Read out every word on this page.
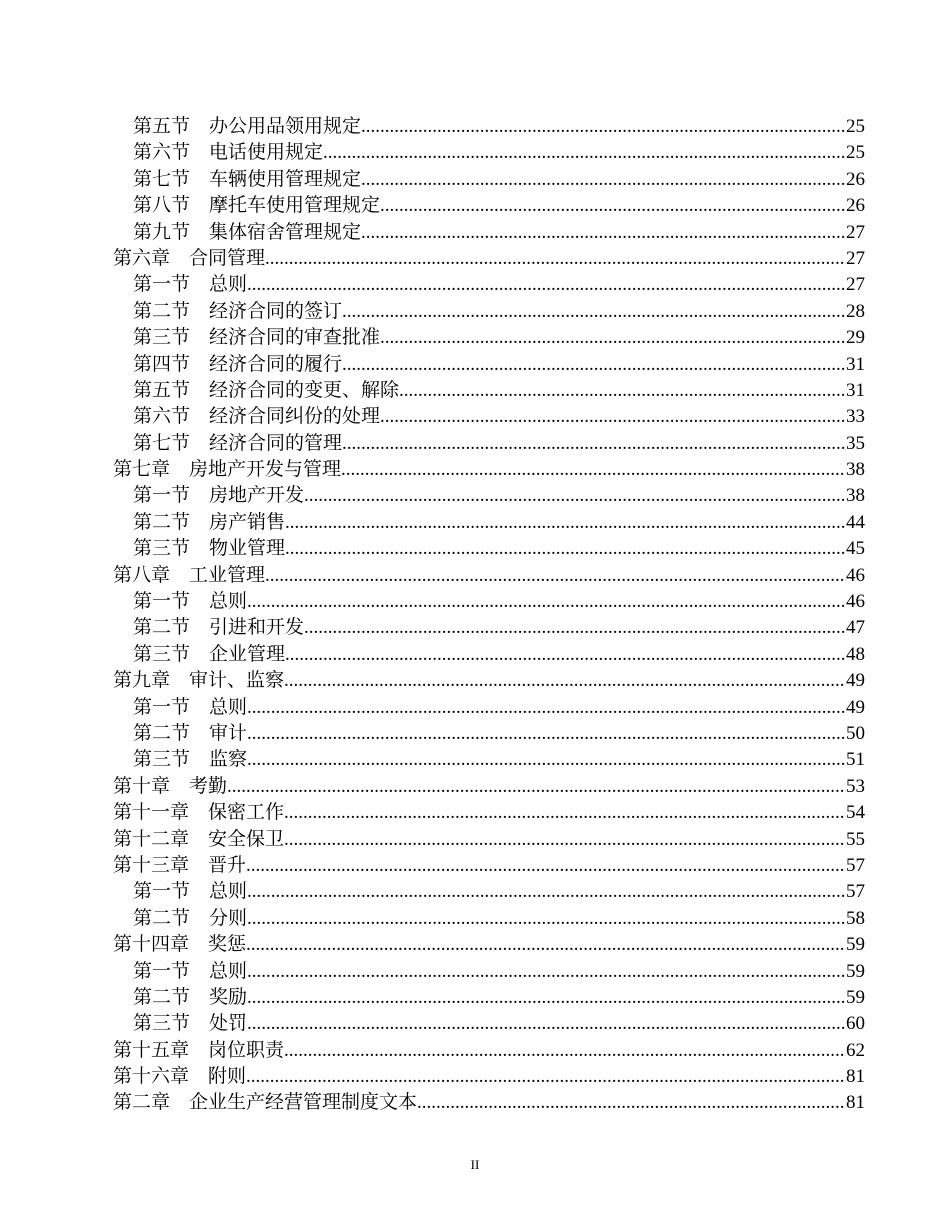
第五节　办公用品领用规定 .....	25
第六节　电话使用规定 .....	25
第七节　车辆使用管理规定 .....	26
第八节　摩托车使用管理规定 .....	26
第九节　集体宿舍管理规定 .....	27
第六章　合同管理 .....	27
第一节　总则 .....	27
第二节　经济合同的签订 .....	28
第三节　经济合同的审查批准 .....	29
第四节　经济合同的履行 .....	31
第五节　经济合同的变更、解除 .....	31
第六节　经济合同纠份的处理 .....	33
第七节　经济合同的管理 .....	35
第七章　房地产开发与管理 .....	38
第一节　房地产开发 .....	38
第二节　房产销售 .....	44
第三节　物业管理 .....	45
第八章　工业管理 .....	46
第一节　总则 .....	46
第二节　引进和开发 .....	47
第三节　企业管理 .....	48
第九章　审计、监察 .....	49
第一节　总则 .....	49
第二节　审计 .....	50
第三节　监察 .....	51
第十章　考勤 .....	53
第十一章　保密工作 .....	54
第十二章　安全保卫 .....	55
第十三章　晋升 .....	57
第一节　总则 .....	57
第二节　分则 .....	58
第十四章　奖惩 .....	59
第一节　总则 .....	59
第二节　奖励 .....	59
第三节　处罚 .....	60
第十五章　岗位职责 .....	62
第十六章　附则 .....	81
第二章　企业生产经营管理制度文本 .....	81
II
